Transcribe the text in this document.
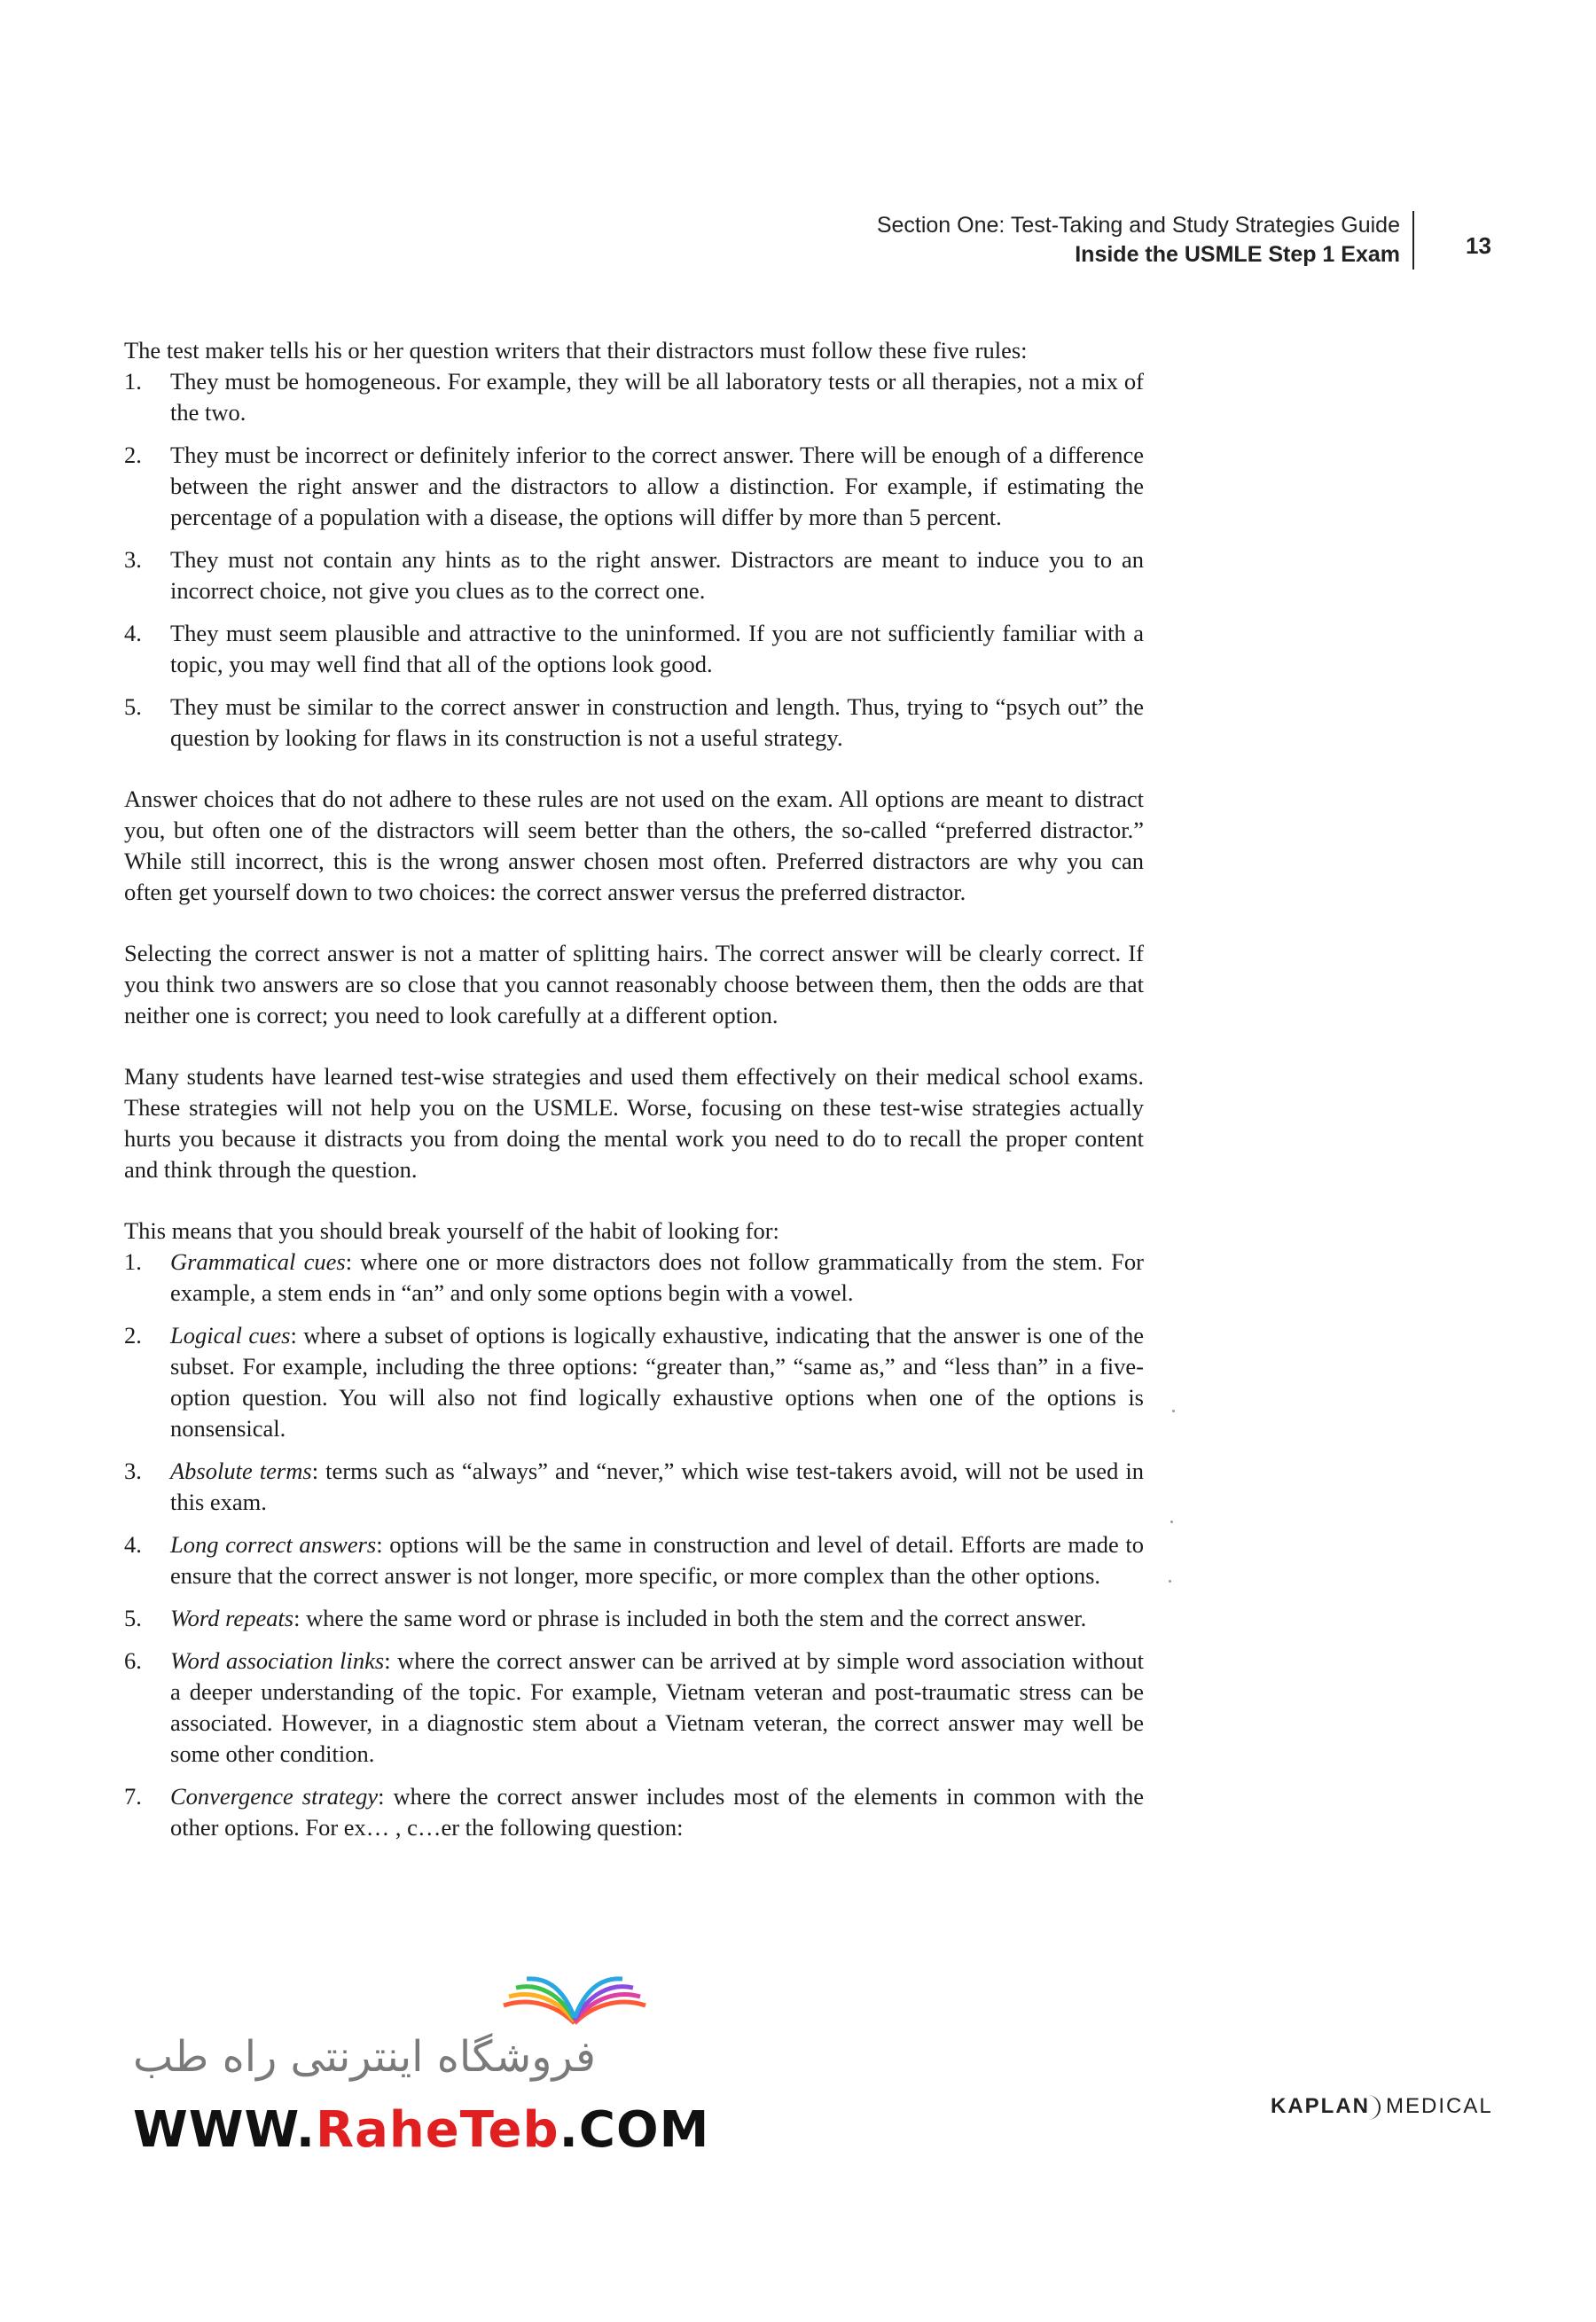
Section One: Test-Taking and Study Strategies Guide
Inside the USMLE Step 1 Exam	13

The test maker tells his or her question writers that their distractors must follow these five rules:

1. They must be homogeneous. For example, they will be all laboratory tests or all therapies, not a mix of the two.
2. They must be incorrect or definitely inferior to the correct answer. There will be enough of a difference between the right answer and the distractors to allow a distinction. For example, if estimating the percentage of a population with a disease, the options will differ by more than 5 percent.
3. They must not contain any hints as to the right answer. Distractors are meant to induce you to an incorrect choice, not give you clues as to the correct one.
4. They must seem plausible and attractive to the uninformed. If you are not sufficiently familiar with a topic, you may well find that all of the options look good.
5. They must be similar to the correct answer in construction and length. Thus, trying to “psych out” the question by looking for flaws in its construction is not a useful strategy.

Answer choices that do not adhere to these rules are not used on the exam. All options are meant to distract you, but often one of the distractors will seem better than the others, the so-called “preferred distractor.” While still incorrect, this is the wrong answer chosen most often. Preferred distractors are why you can often get yourself down to two choices: the correct answer versus the preferred distractor.

Selecting the correct answer is not a matter of splitting hairs. The correct answer will be clearly correct. If you think two answers are so close that you cannot reasonably choose between them, then the odds are that neither one is correct; you need to look carefully at a different option.

Many students have learned test-wise strategies and used them effectively on their medical school exams. These strategies will not help you on the USMLE. Worse, focusing on these test-wise strategies actually hurts you because it distracts you from doing the mental work you need to do to recall the proper content and think through the question.

This means that you should break yourself of the habit of looking for:

1. Grammatical cues: where one or more distractors does not follow grammatically from the stem. For example, a stem ends in “an” and only some options begin with a vowel.
2. Logical cues: where a subset of options is logically exhaustive, indicating that the answer is one of the subset. For example, including the three options: “greater than,” “same as,” and “less than” in a five-option question. You will also not find logically exhaustive options when one of the options is nonsensical.
3. Absolute terms: terms such as “always” and “never,” which wise test-takers avoid, will not be used in this exam.
4. Long correct answers: options will be the same in construction and level of detail. Efforts are made to ensure that the correct answer is not longer, more specific, or more complex than the other options.
5. Word repeats: where the same word or phrase is included in both the stem and the correct answer.
6. Word association links: where the correct answer can be arrived at by simple word association without a deeper understanding of the topic. For example, Vietnam veteran and post-traumatic stress can be associated. However, in a diagnostic stem about a Vietnam veteran, the correct answer may well be some other condition.
7. Convergence strategy: where the correct answer includes most of the elements in common with the other options. For ex… , c…er the following question:
فروشگاه اینترنتی راه طب
WWW.RaheTeb.COM	KAPLAN MEDICAL
